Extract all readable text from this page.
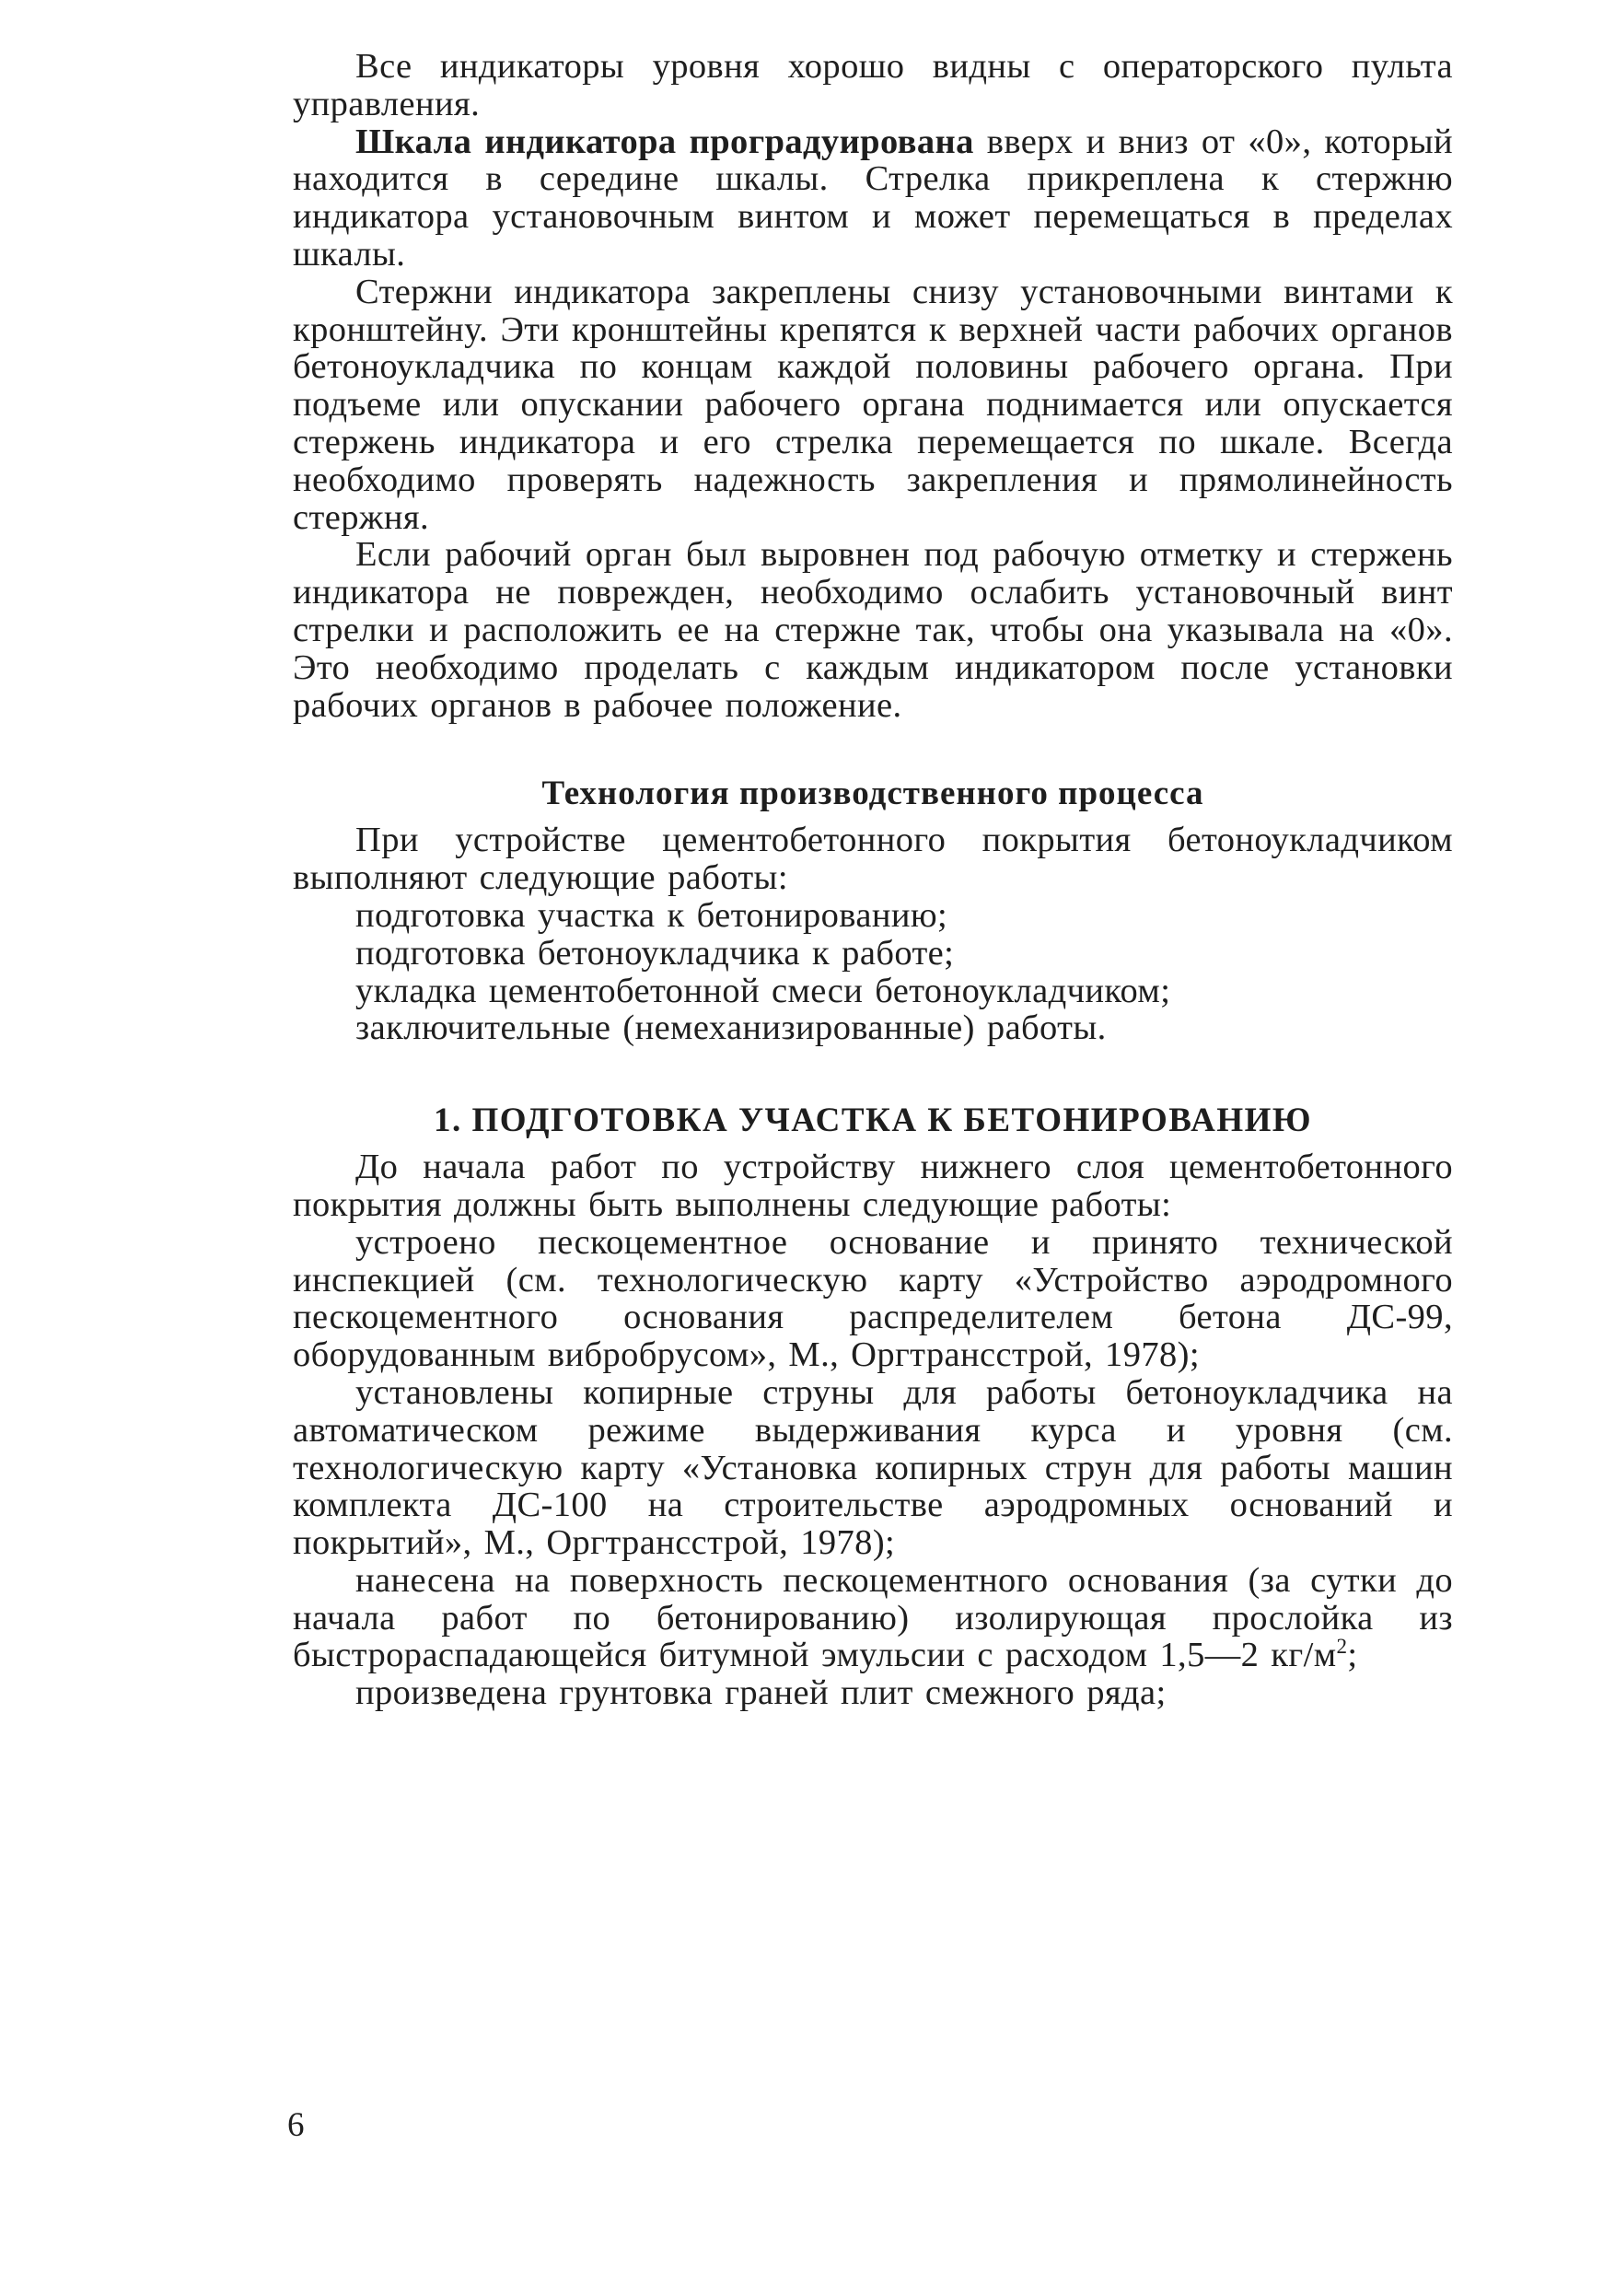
Все индикаторы уровня хорошо видны с операторского пульта управления.

Шкала индикатора проградуирована вверх и вниз от «0», который находится в середине шкалы. Стрелка прикреплена к стержню индикатора установочным винтом и может перемещаться в пределах шкалы.

Стержни индикатора закреплены снизу установочными винтами к кронштейну. Эти кронштейны крепятся к верхней части рабочих органов бетоноукладчика по концам каждой половины рабочего органа. При подъеме или опускании рабочего органа поднимается или опускается стержень индикатора и его стрелка перемещается по шкале. Всегда необходимо проверять надежность закрепления и прямолинейность стержня.

Если рабочий орган был выровнен под рабочую отметку и стержень индикатора не поврежден, необходимо ослабить установочный винт стрелки и расположить ее на стержне так, чтобы она указывала на «0». Это необходимо проделать с каждым индикатором после установки рабочих органов в рабочее положение.

Технология производственного процесса

При устройстве цементобетонного покрытия бетоноукладчиком выполняют следующие работы:

подготовка участка к бетонированию;

подготовка бетоноукладчика к работе;

укладка цементобетонной смеси бетоноукладчиком;

заключительные (немеханизированные) работы.

1. ПОДГОТОВКА УЧАСТКА К БЕТОНИРОВАНИЮ

До начала работ по устройству нижнего слоя цементобетонного покрытия должны быть выполнены следующие работы:

устроено пескоцементное основание и принято технической инспекцией (см. технологическую карту «Устройство аэродромного пескоцементного основания распределителем бетона ДС-99, оборудованным вибробрусом», М., Оргтрансстрой, 1978);

установлены копирные струны для работы бетоноукладчика на автоматическом режиме выдерживания курса и уровня (см. технологическую карту «Установка копирных струн для работы машин комплекта ДС-100 на строительстве аэродромных оснований и покрытий», М., Оргтрансстрой, 1978);

нанесена на поверхность пескоцементного основания (за сутки до начала работ по бетонированию) изолирующая прослойка из быстрораспадающейся битумной эмульсии с расходом 1,5—2 $кг/м^2$;

произведена грунтовка граней плит смежного ряда;

6
